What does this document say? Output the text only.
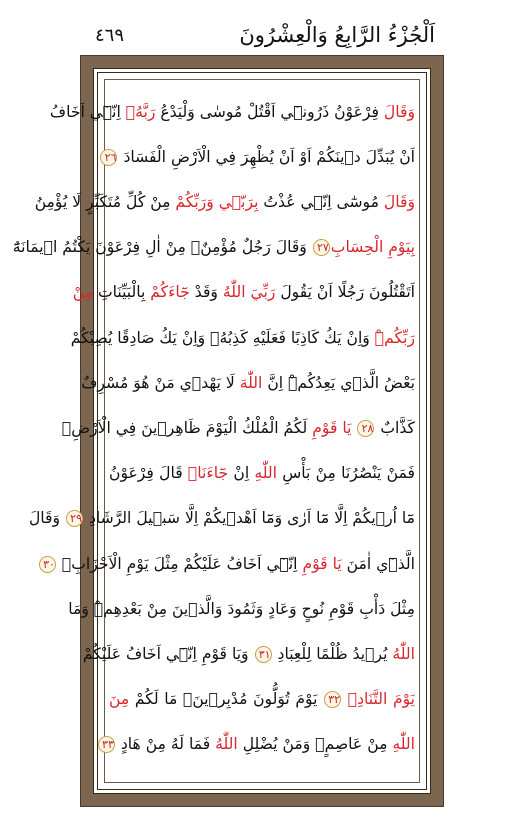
اَلْجُزْءُ الرَّابِعُ وَالْعِشْرُونَ
٤٦٩
وَقَالَ فِرْعَوْنُ ذَرُونٖٓي اَقْتُلْ مُوسٰى وَلْيَدْعُ رَبَّهُۚ اِنّٖٓي اَخَافُ
اَنْ يُبَدِّلَ دٖينَكُمْ اَوْ اَنْ يُظْهِرَ فِي الْاَرْضِ الْفَسَادَ ٢٦
وَقَالَ مُوسٰٓى اِنّٖي عُذْتُ بِرَبّٖي وَرَبِّكُمْ مِنْ كُلِّ مُتَكَبِّرٍ لَا يُؤْمِنُ
بِيَوْمِ الْحِسَابِ٢٧ وَقَالَ رَجُلٌ مُؤْمِنٌۗ مِنْ اٰلِ فِرْعَوْنَ يَكْتُمُ اٖيمَانَهُٓ
اَتَقْتُلُونَ رَجُلًا اَنْ يَقُولَ رَبِّيَ اللّٰهُ وَقَدْ جَٓاءَكُمْ بِالْبَيِّنَاتِ مِنْ
رَبِّكُمْۜ وَاِنْ يَكُ كَاذِبًا فَعَلَيْهِ كَذِبُهُۚ وَاِنْ يَكُ صَادِقًا يُصِبْكُمْ
بَعْضُ الَّذٖي يَعِدُكُمْۜ اِنَّ اللّٰهَ لَا يَهْدٖي مَنْ هُوَ مُسْرِفٌ
كَذَّابٌ ٢٨ يَا قَوْمِ لَكُمُ الْمُلْكُ الْيَوْمَ ظَاهِرٖينَ فِي الْاَرْضِۘ
فَمَنْ يَنْصُرُنَا مِنْ بَأْسِ اللّٰهِ اِنْ جَٓاءَنَاۜ قَالَ فِرْعَوْنُ
مَٓا اُرٖيكُمْ اِلَّا مَٓا اَرٰى وَمَٓا اَهْدٖيكُمْ اِلَّا سَبٖيلَ الرَّشَادِ ٢٩ وَقَالَ
الَّذٖٓي اٰمَنَ يَا قَوْمِ اِنّٖٓي اَخَافُ عَلَيْكُمْ مِثْلَ يَوْمِ الْاَحْزَابِۙ ٣٠
مِثْلَ دَأْبِ قَوْمِ نُوحٍ وَعَادٍ وَثَمُودَ وَالَّذٖينَ مِنْ بَعْدِهِمْۜ وَمَا
اللّٰهُ يُرٖيدُ ظُلْمًا لِلْعِبَادِ ٣١ وَيَا قَوْمِ اِنّٖٓي اَخَافُ عَلَيْكُمْ
يَوْمَ التَّنَادِۙ ٣٢ يَوْمَ تُوَلُّونَ مُدْبِرٖينَۚ مَا لَكُمْ مِنَ
اللّٰهِ مِنْ عَاصِمٍۚ وَمَنْ يُضْلِلِ اللّٰهُ فَمَا لَهُ مِنْ هَادٍ ٣٣
